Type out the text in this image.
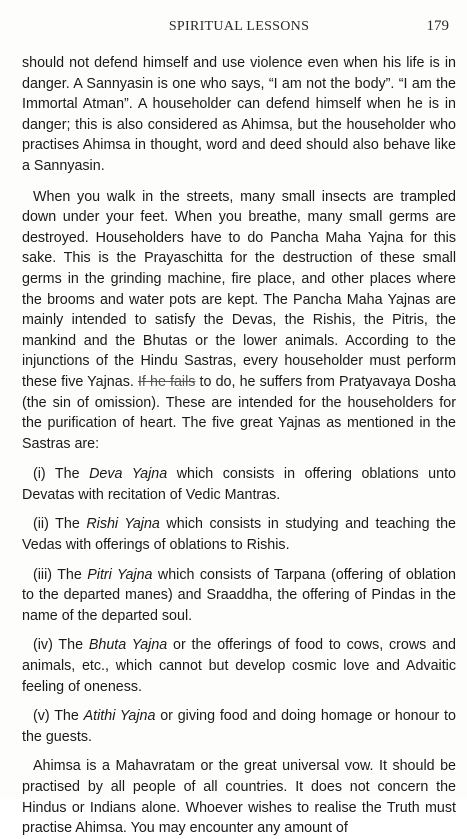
SPIRITUAL LESSONS	179

should not defend himself and use violence even when his life is in danger. A Sannyasin is one who says, “I am not the body”. “I am the Immortal Atman”. A householder can defend himself when he is in danger; this is also considered as Ahimsa, but the householder who practises Ahimsa in thought, word and deed should also behave like a Sannyasin.

When you walk in the streets, many small insects are trampled down under your feet. When you breathe, many small germs are destroyed. Householders have to do Pancha Maha Yajna for this sake. This is the Prayaschitta for the destruction of these small germs in the grinding machine, fire place, and other places where the brooms and water pots are kept. The Pancha Maha Yajnas are mainly intended to satisfy the Devas, the Rishis, the Pitris, the mankind and the Bhutas or the lower animals. According to the injunctions of the Hindu Sastras, every householder must perform these five Yajnas. If he fails to do, he suffers from Pratyavaya Dosha (the sin of omission). These are intended for the householders for the purification of heart. The five great Yajnas as mentioned in the Sastras are:

(i) The Deva Yajna which consists in offering oblations unto Devatas with recitation of Vedic Mantras.

(ii) The Rishi Yajna which consists in studying and teaching the Vedas with offerings of oblations to Rishis.

(iii) The Pitri Yajna which consists of Tarpana (offering of oblation to the departed manes) and Sraaddha, the offering of Pindas in the name of the departed soul.

(iv) The Bhuta Yajna or the offerings of food to cows, crows and animals, etc., which cannot but develop cosmic love and Advaitic feeling of oneness.

(v) The Atithi Yajna or giving food and doing homage or honour to the guests.

Ahimsa is a Mahavratam or the great universal vow. It should be practised by all people of all countries. It does not concern the Hindus or Indians alone. Whoever wishes to realise the Truth must practise Ahimsa. You may encounter any amount of
